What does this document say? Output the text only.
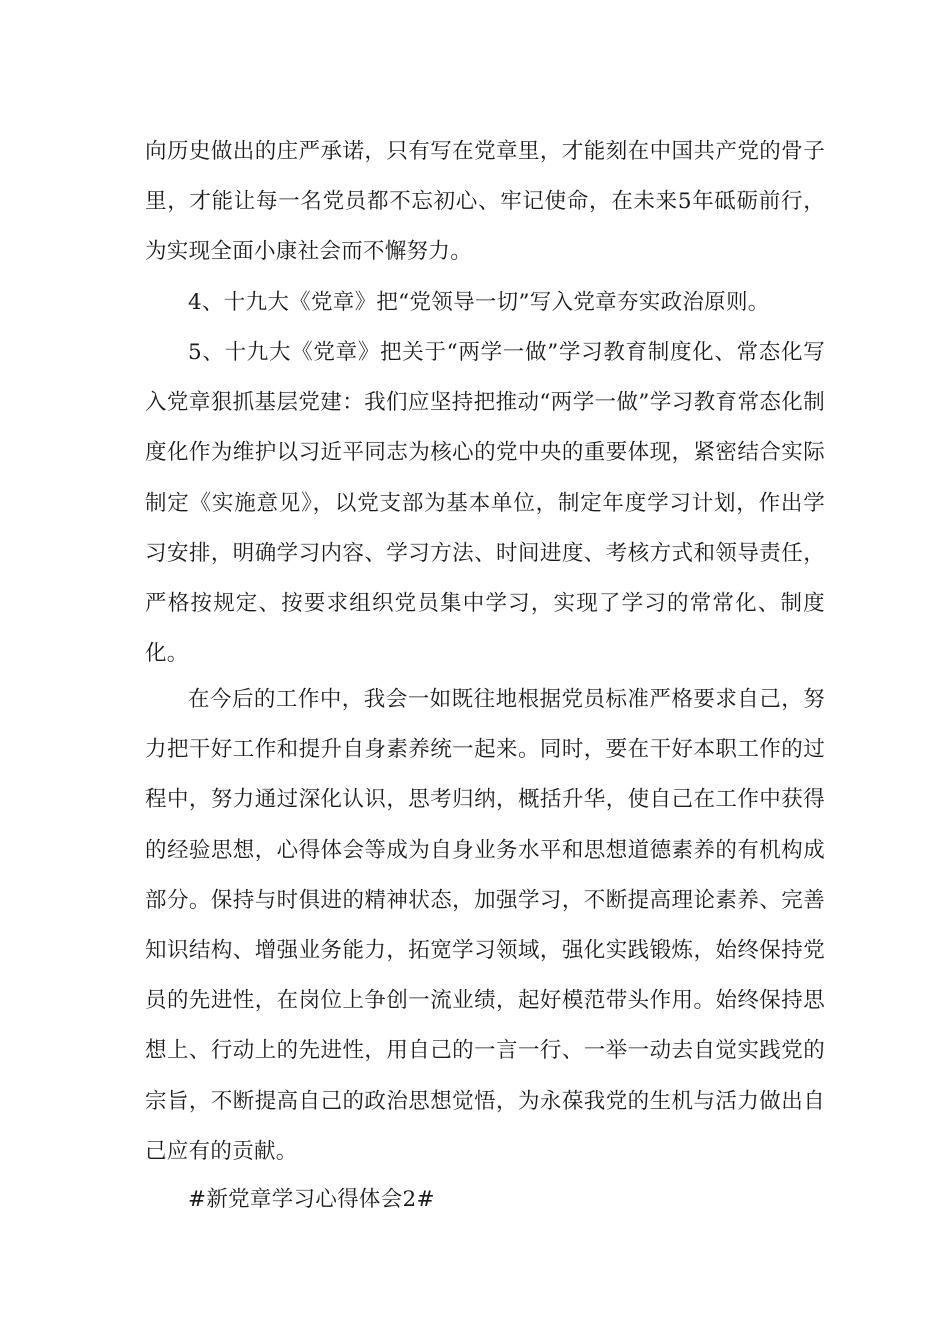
向历史做出的庄严承诺，只有写在党章里，才能刻在中国共产党的骨子里，才能让每一名党员都不忘初心、牢记使命，在未来5年砥砺前行，为实现全面小康社会而不懈努力。

4、十九大《党章》把“党领导一切”写入党章夯实政治原则。

5、十九大《党章》把关于“两学一做”学习教育制度化、常态化写入党章狠抓基层党建：我们应坚持把推动“两学一做”学习教育常态化制度化作为维护以习近平同志为核心的党中央的重要体现，紧密结合实际制定《实施意见》，以党支部为基本单位，制定年度学习计划，作出学习安排，明确学习内容、学习方法、时间进度、考核方式和领导责任，严格按规定、按要求组织党员集中学习，实现了学习的常常化、制度化。

在今后的工作中，我会一如既往地根据党员标准严格要求自己，努力把干好工作和提升自身素养统一起来。同时，要在干好本职工作的过程中，努力通过深化认识，思考归纳，概括升华，使自己在工作中获得的经验思想，心得体会等成为自身业务水平和思想道德素养的有机构成部分。保持与时俱进的精神状态，加强学习，不断提高理论素养、完善知识结构、增强业务能力，拓宽学习领域，强化实践锻炼，始终保持党员的先进性，在岗位上争创一流业绩，起好模范带头作用。始终保持思想上、行动上的先进性，用自己的一言一行、一举一动去自觉实践党的宗旨，不断提高自己的政治思想觉悟，为永葆我党的生机与活力做出自己应有的贡献。

#新党章学习心得体会2#
